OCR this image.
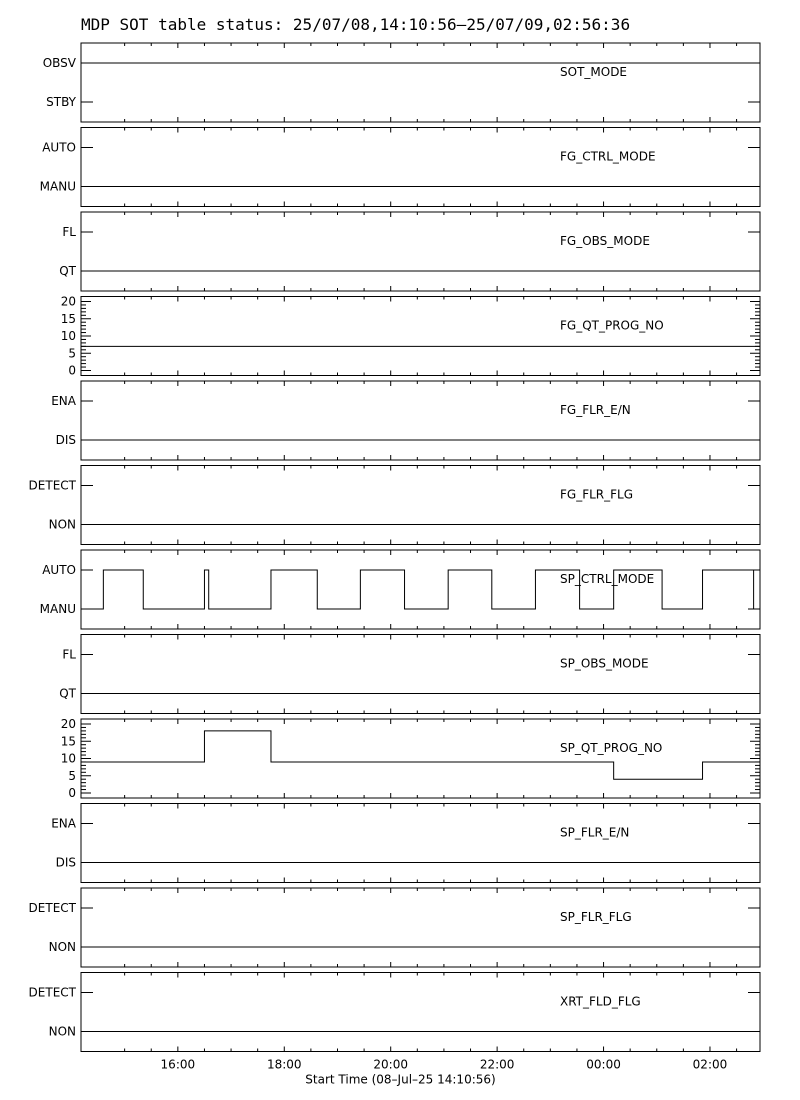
MDP SOT table status: 25/07/08,14:10:56–25/07/09,02:56:36
STBY
OBSV
SOT_MODE
MANU
AUTO
FG_CTRL_MODE
QT
FL
FG_OBS_MODE
0
5
10
15
20
FG_QT_PROG_NO
DIS
ENA
FG_FLR_E/N
NON
DETECT
FG_FLR_FLG
MANU
AUTO
SP_CTRL_MODE
QT
FL
SP_OBS_MODE
0
5
10
15
20
SP_QT_PROG_NO
DIS
ENA
SP_FLR_E/N
NON
DETECT
SP_FLR_FLG
NON
DETECT
XRT_FLD_FLG
16:00	18:00	20:00	22:00	00:00	02:00
Start Time (08–Jul–25 14:10:56)
